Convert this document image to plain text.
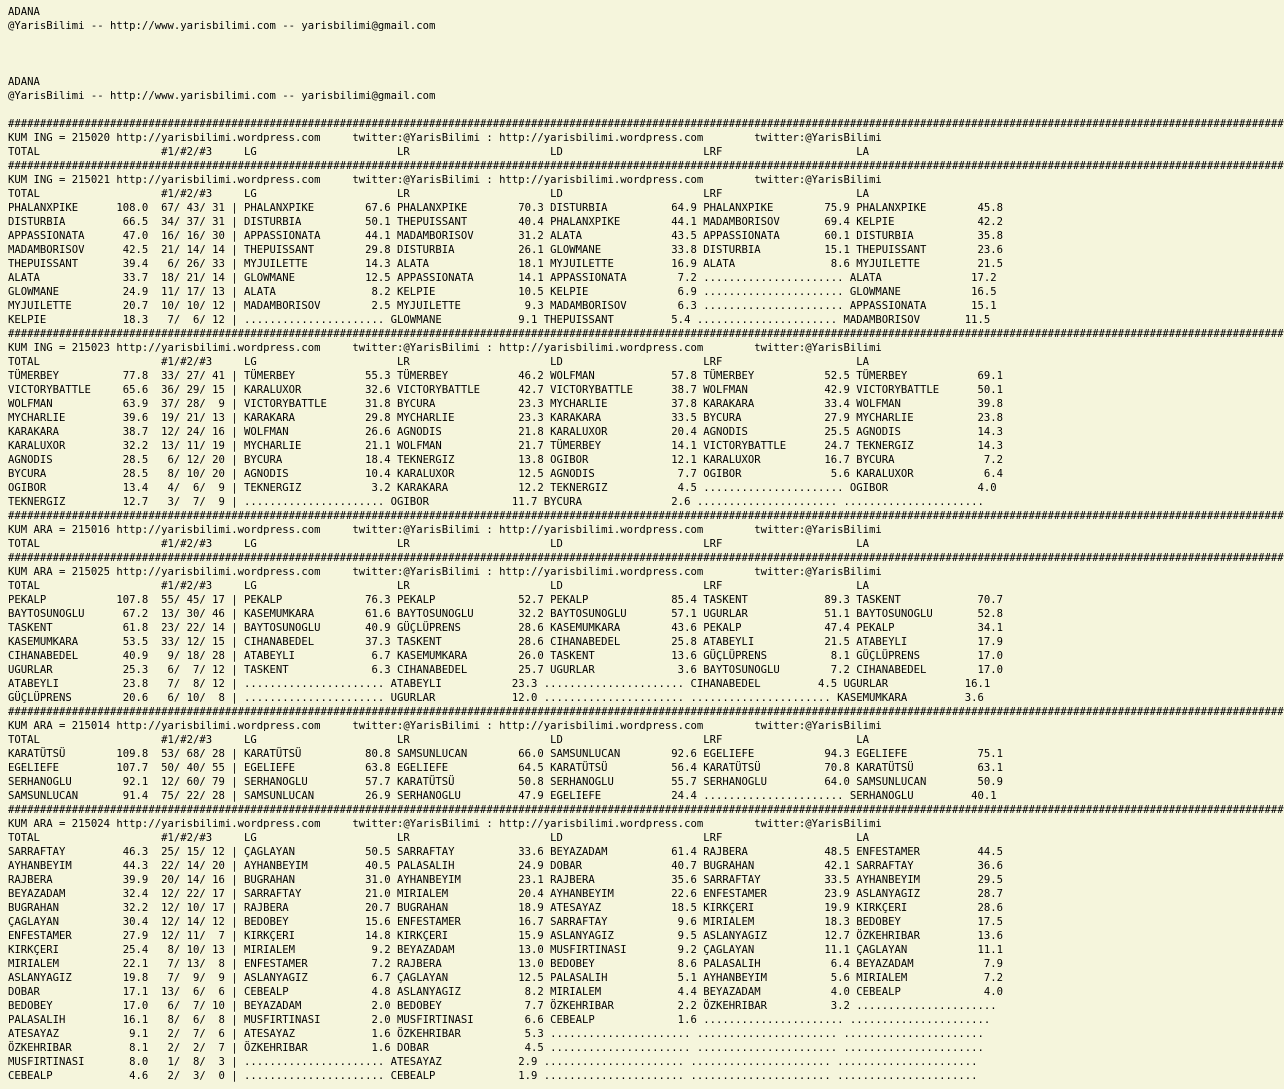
ADANA
@YarisBilimi -- http://www.yarisbilimi.com -- yarisbilimi@gmail.com
ADANA
@YarisBilimi -- http://www.yarisbilimi.com -- yarisbilimi@gmail.com
########################################################################################################################################################################################################
KUM ING = 215020 http://yarisbilimi.wordpress.com     twitter:@YarisBilimi : http://yarisbilimi.wordpress.com        twitter:@YarisBilimi
TOTAL                   #1/#2/#3     LG                      LR                      LD                      LRF                     LA
########################################################################################################################################################################################################
KUM ING = 215021 http://yarisbilimi.wordpress.com     twitter:@YarisBilimi : http://yarisbilimi.wordpress.com        twitter:@YarisBilimi
TOTAL                   #1/#2/#3     LG                      LR                      LD                      LRF                     LA
PHALANXPIKE      108.0  67/ 43/ 31 | PHALANXPIKE        67.6 PHALANXPIKE        70.3 DISTURBIA          64.9 PHALANXPIKE        75.9 PHALANXPIKE        45.8
DISTURBIA         66.5  34/ 37/ 31 | DISTURBIA          50.1 THEPUISSANT        40.4 PHALANXPIKE        44.1 MADAMBORISOV       69.4 KELPIE             42.2
APPASSIONATA      47.0  16/ 16/ 30 | APPASSIONATA       44.1 MADAMBORISOV       31.2 ALATA              43.5 APPASSIONATA       60.1 DISTURBIA          35.8
MADAMBORISOV      42.5  21/ 14/ 14 | THEPUISSANT        29.8 DISTURBIA          26.1 GLOWMANE           33.8 DISTURBIA          15.1 THEPUISSANT        23.6
THEPUISSANT       39.4   6/ 26/ 33 | MYJUILETTE         14.3 ALATA              18.1 MYJUILETTE         16.9 ALATA               8.6 MYJUILETTE         21.5
ALATA             33.7  18/ 21/ 14 | GLOWMANE           12.5 APPASSIONATA       14.1 APPASSIONATA        7.2 ...................... ALATA              17.2
GLOWMANE          24.9  11/ 17/ 13 | ALATA               8.2 KELPIE             10.5 KELPIE              6.9 ...................... GLOWMANE           16.5
MYJUILETTE        20.7  10/ 10/ 12 | MADAMBORISOV        2.5 MYJUILETTE          9.3 MADAMBORISOV        6.3 ...................... APPASSIONATA       15.1
KELPIE            18.3   7/  6/ 12 | ...................... GLOWMANE            9.1 THEPUISSANT         5.4 ...................... MADAMBORISOV       11.5
########################################################################################################################################################################################################
KUM ING = 215023 http://yarisbilimi.wordpress.com     twitter:@YarisBilimi : http://yarisbilimi.wordpress.com        twitter:@YarisBilimi
TOTAL                   #1/#2/#3     LG                      LR                      LD                      LRF                     LA
TÜMERBEY          77.8  33/ 27/ 41 | TÜMERBEY           55.3 TÜMERBEY           46.2 WOLFMAN            57.8 TÜMERBEY           52.5 TÜMERBEY           69.1
VICTORYBATTLE     65.6  36/ 29/ 15 | KARALUXOR          32.6 VICTORYBATTLE      42.7 VICTORYBATTLE      38.7 WOLFMAN            42.9 VICTORYBATTLE      50.1
WOLFMAN           63.9  37/ 28/  9 | VICTORYBATTLE      31.8 BYCURA             23.3 MYCHARLIE          37.8 KARAKARA           33.4 WOLFMAN            39.8
MYCHARLIE         39.6  19/ 21/ 13 | KARAKARA           29.8 MYCHARLIE          23.3 KARAKARA           33.5 BYCURA             27.9 MYCHARLIE          23.8
KARAKARA          38.7  12/ 24/ 16 | WOLFMAN            26.6 AGNODIS            21.8 KARALUXOR          20.4 AGNODIS            25.5 AGNODIS            14.3
KARALUXOR         32.2  13/ 11/ 19 | MYCHARLIE          21.1 WOLFMAN            21.7 TÜMERBEY           14.1 VICTORYBATTLE      24.7 TEKNERGIZ          14.3
AGNODIS           28.5   6/ 12/ 20 | BYCURA             18.4 TEKNERGIZ          13.8 OGIBOR             12.1 KARALUXOR          16.7 BYCURA              7.2
BYCURA            28.5   8/ 10/ 20 | AGNODIS            10.4 KARALUXOR          12.5 AGNODIS             7.7 OGIBOR              5.6 KARALUXOR           6.4
OGIBOR            13.4   4/  6/  9 | TEKNERGIZ           3.2 KARAKARA           12.2 TEKNERGIZ           4.5 ...................... OGIBOR              4.0
TEKNERGIZ         12.7   3/  7/  9 | ...................... OGIBOR             11.7 BYCURA              2.6 ...................... ......................
########################################################################################################################################################################################################
KUM ARA = 215016 http://yarisbilimi.wordpress.com     twitter:@YarisBilimi : http://yarisbilimi.wordpress.com        twitter:@YarisBilimi
TOTAL                   #1/#2/#3     LG                      LR                      LD                      LRF                     LA
########################################################################################################################################################################################################
KUM ARA = 215025 http://yarisbilimi.wordpress.com     twitter:@YarisBilimi : http://yarisbilimi.wordpress.com        twitter:@YarisBilimi
TOTAL                   #1/#2/#3     LG                      LR                      LD                      LRF                     LA
PEKALP           107.8  55/ 45/ 17 | PEKALP             76.3 PEKALP             52.7 PEKALP             85.4 TASKENT            89.3 TASKENT            70.7
BAYTOSUNOGLU      67.2  13/ 30/ 46 | KASEMUMKARA        61.6 BAYTOSUNOGLU       32.2 BAYTOSUNOGLU       57.1 UGURLAR            51.1 BAYTOSUNOGLU       52.8
TASKENT           61.8  23/ 22/ 14 | BAYTOSUNOGLU       40.9 GÜÇLÜPRENS         28.6 KASEMUMKARA        43.6 PEKALP             47.4 PEKALP             34.1
KASEMUMKARA       53.5  33/ 12/ 15 | CIHANABEDEL        37.3 TASKENT            28.6 CIHANABEDEL        25.8 ATABEYLI           21.5 ATABEYLI           17.9
CIHANABEDEL       40.9   9/ 18/ 28 | ATABEYLI            6.7 KASEMUMKARA        26.0 TASKENT            13.6 GÜÇLÜPRENS          8.1 GÜÇLÜPRENS         17.0
UGURLAR           25.3   6/  7/ 12 | TASKENT             6.3 CIHANABEDEL        25.7 UGURLAR             3.6 BAYTOSUNOGLU        7.2 CIHANABEDEL        17.0
ATABEYLI          23.8   7/  8/ 12 | ...................... ATABEYLI           23.3 ...................... CIHANABEDEL         4.5 UGURLAR            16.1
GÜÇLÜPRENS        20.6   6/ 10/  8 | ...................... UGURLAR            12.0 ...................... ...................... KASEMUMKARA         3.6
########################################################################################################################################################################################################
KUM ARA = 215014 http://yarisbilimi.wordpress.com     twitter:@YarisBilimi : http://yarisbilimi.wordpress.com        twitter:@YarisBilimi
TOTAL                   #1/#2/#3     LG                      LR                      LD                      LRF                     LA
KARATÜTSÜ        109.8  53/ 68/ 28 | KARATÜTSÜ          80.8 SAMSUNLUCAN        66.0 SAMSUNLUCAN        92.6 EGELIEFE           94.3 EGELIEFE           75.1
EGELIEFE         107.7  50/ 40/ 55 | EGELIEFE           63.8 EGELIEFE           64.5 KARATÜTSÜ          56.4 KARATÜTSÜ          70.8 KARATÜTSÜ          63.1
SERHANOGLU        92.1  12/ 60/ 79 | SERHANOGLU         57.7 KARATÜTSÜ          50.8 SERHANOGLU         55.7 SERHANOGLU         64.0 SAMSUNLUCAN        50.9
SAMSUNLUCAN       91.4  75/ 22/ 28 | SAMSUNLUCAN        26.9 SERHANOGLU         47.9 EGELIEFE           24.4 ...................... SERHANOGLU         40.1
########################################################################################################################################################################################################
KUM ARA = 215024 http://yarisbilimi.wordpress.com     twitter:@YarisBilimi : http://yarisbilimi.wordpress.com        twitter:@YarisBilimi
TOTAL                   #1/#2/#3     LG                      LR                      LD                      LRF                     LA
SARRAFTAY         46.3  25/ 15/ 12 | ÇAGLAYAN           50.5 SARRAFTAY          33.6 BEYAZADAM          61.4 RAJBERA            48.5 ENFESTAMER         44.5
AYHANBEYIM        44.3  22/ 14/ 20 | AYHANBEYIM         40.5 PALASALIH          24.9 DOBAR              40.7 BUGRAHAN           42.1 SARRAFTAY          36.6
RAJBERA           39.9  20/ 14/ 16 | BUGRAHAN           31.0 AYHANBEYIM         23.1 RAJBERA            35.6 SARRAFTAY          33.5 AYHANBEYIM         29.5
BEYAZADAM         32.4  12/ 22/ 17 | SARRAFTAY          21.0 MIRIALEM           20.4 AYHANBEYIM         22.6 ENFESTAMER         23.9 ASLANYAGIZ         28.7
BUGRAHAN          32.2  12/ 10/ 17 | RAJBERA            20.7 BUGRAHAN           18.9 ATESAYAZ           18.5 KIRKÇERI           19.9 KIRKÇERI           28.6
ÇAGLAYAN          30.4  12/ 14/ 12 | BEDOBEY            15.6 ENFESTAMER         16.7 SARRAFTAY           9.6 MIRIALEM           18.3 BEDOBEY            17.5
ENFESTAMER        27.9  12/ 11/  7 | KIRKÇERI           14.8 KIRKÇERI           15.9 ASLANYAGIZ          9.5 ASLANYAGIZ         12.7 ÖZKEHRIBAR         13.6
KIRKÇERI          25.4   8/ 10/ 13 | MIRIALEM            9.2 BEYAZADAM          13.0 MUSFIRTINASI        9.2 ÇAGLAYAN           11.1 ÇAGLAYAN           11.1
MIRIALEM          22.1   7/ 13/  8 | ENFESTAMER          7.2 RAJBERA            13.0 BEDOBEY             8.6 PALASALIH           6.4 BEYAZADAM           7.9
ASLANYAGIZ        19.8   7/  9/  9 | ASLANYAGIZ          6.7 ÇAGLAYAN           12.5 PALASALIH           5.1 AYHANBEYIM          5.6 MIRIALEM            7.2
DOBAR             17.1  13/  6/  6 | CEBEALP             4.8 ASLANYAGIZ          8.2 MIRIALEM            4.4 BEYAZADAM           4.0 CEBEALP             4.0
BEDOBEY           17.0   6/  7/ 10 | BEYAZADAM           2.0 BEDOBEY             7.7 ÖZKEHRIBAR          2.2 ÖZKEHRIBAR          3.2 ......................
PALASALIH         16.1   8/  6/  8 | MUSFIRTINASI        2.0 MUSFIRTINASI        6.6 CEBEALP             1.6 ...................... ......................
ATESAYAZ           9.1   2/  7/  6 | ATESAYAZ            1.6 ÖZKEHRIBAR          5.3 ...................... ...................... ......................
ÖZKEHRIBAR         8.1   2/  2/  7 | ÖZKEHRIBAR          1.6 DOBAR               4.5 ...................... ...................... ......................
MUSFIRTINASI       8.0   1/  8/  3 | ...................... ATESAYAZ            2.9 ...................... ...................... ......................
CEBEALP            4.6   2/  3/  0 | ...................... CEBEALP             1.9 ...................... ...................... ......................
